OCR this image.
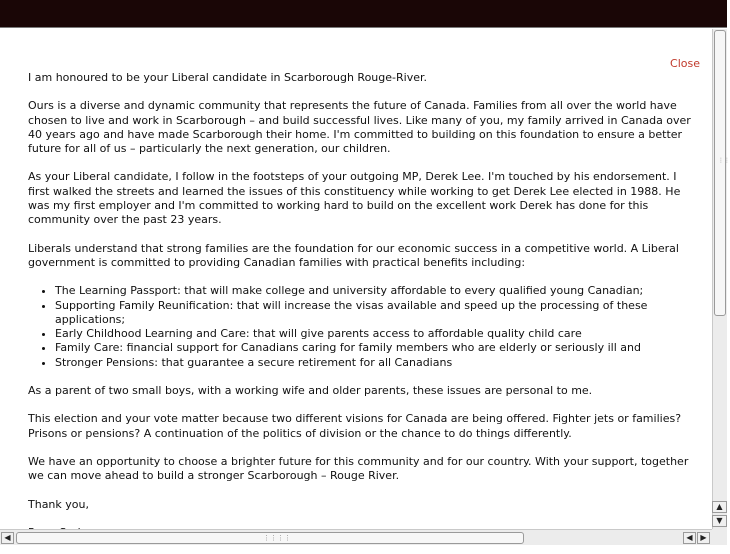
Close

I am honoured to be your Liberal candidate in Scarborough Rouge-River.

Ours is a diverse and dynamic community that represents the future of Canada. Families from all over the world have chosen to live and work in Scarborough – and build successful lives. Like many of you, my family arrived in Canada over 40 years ago and have made Scarborough their home. I'm committed to building on this foundation to ensure a better future for all of us – particularly the next generation, our children.

As your Liberal candidate, I follow in the footsteps of your outgoing MP, Derek Lee. I'm touched by his endorsement. I first walked the streets and learned the issues of this constituency while working to get Derek Lee elected in 1988. He was my first employer and I'm committed to working hard to build on the excellent work Derek has done for this community over the past 23 years.

Liberals understand that strong families are the foundation for our economic success in a competitive world. A Liberal government is committed to providing Canadian families with practical benefits including:

• The Learning Passport: that will make college and university affordable to every qualified young Canadian;
• Supporting Family Reunification: that will increase the visas available and speed up the processing of these applications;
• Early Childhood Learning and Care: that will give parents access to affordable quality child care
• Family Care: financial support for Canadians caring for family members who are elderly or seriously ill and
• Stronger Pensions: that guarantee a secure retirement for all Canadians

As a parent of two small boys, with a working wife and older parents, these issues are personal to me.

This election and your vote matter because two different visions for Canada are being offered. Fighter jets or families? Prisons or pensions? A continuation of the politics of division or the chance to do things differently.

We have an opportunity to choose a brighter future for this community and for our country. With your support, together we can move ahead to build a stronger Scarborough – Rouge River.

Thank you,

⋮⋮
▲
▼
◀	⋮⋮⋮⋮	◀ ▶
